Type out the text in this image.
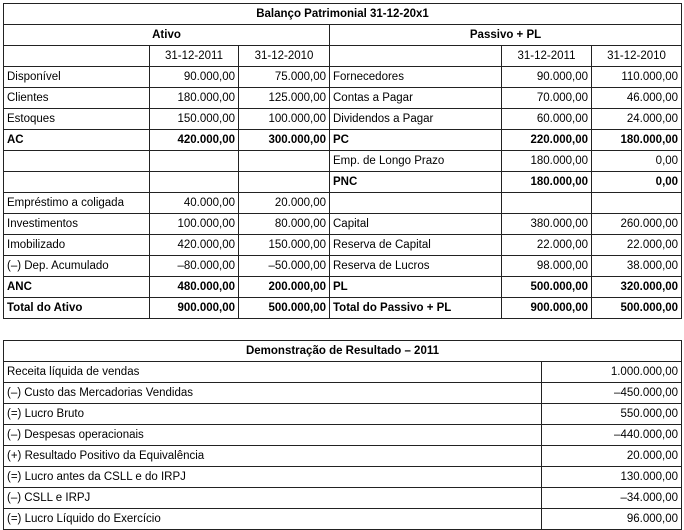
Balanço Patrimonial 31-12-20x1					
Ativo			Passivo + PL		
	31-12-2011	31-12-2010		31-12-2011	31-12-2010
Disponível	90.000,00	75.000,00	Fornecedores	90.000,00	110.000,00
Clientes	180.000,00	125.000,00	Contas a Pagar	70.000,00	46.000,00
Estoques	150.000,00	100.000,00	Dividendos a Pagar	60.000,00	24.000,00
AC	420.000,00	300.000,00	PC	220.000,00	180.000,00
			Emp. de Longo Prazo	180.000,00	0,00
			PNC	180.000,00	0,00
Empréstimo a coligada	40.000,00	20.000,00			
Investimentos	100.000,00	80.000,00	Capital	380.000,00	260.000,00
Imobilizado	420.000,00	150.000,00	Reserva de Capital	22.000,00	22.000,00
(–) Dep. Acumulado	–80.000,00	–50.000,00	Reserva de Lucros	98.000,00	38.000,00
ANC	480.000,00	200.000,00	PL	500.000,00	320.000,00
Total do Ativo	900.000,00	500.000,00	Total do Passivo + PL	900.000,00	500.000,00
Demonstração de Resultado – 2011	
Receita líquida de vendas	1.000.000,00
(–) Custo das Mercadorias Vendidas	–450.000,00
(=) Lucro Bruto	550.000,00
(–) Despesas operacionais	–440.000,00
(+) Resultado Positivo da Equivalência	20.000,00
(=) Lucro antes da CSLL e do IRPJ	130.000,00
(–) CSLL e IRPJ	–34.000,00
(=) Lucro Líquido do Exercício	96.000,00
